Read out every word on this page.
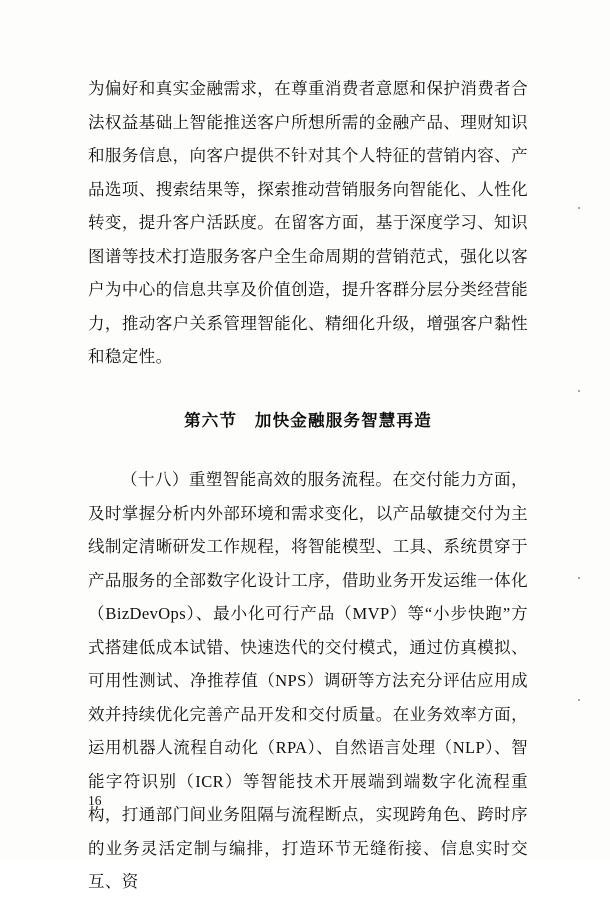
为偏好和真实金融需求，在尊重消费者意愿和保护消费者合法权益基础上智能推送客户所想所需的金融产品、理财知识和服务信息，向客户提供不针对其个人特征的营销内容、产品选项、搜索结果等，探索推动营销服务向智能化、人性化转变，提升客户活跃度。在留客方面，基于深度学习、知识图谱等技术打造服务客户全生命周期的营销范式，强化以客户为中心的信息共享及价值创造，提升客群分层分类经营能力，推动客户关系管理智能化、精细化升级，增强客户黏性和稳定性。

第六节　加快金融服务智慧再造

（十八）重塑智能高效的服务流程。在交付能力方面，及时掌握分析内外部环境和需求变化，以产品敏捷交付为主线制定清晰研发工作规程，将智能模型、工具、系统贯穿于产品服务的全部数字化设计工序，借助业务开发运维一体化（BizDevOps）、最小化可行产品（MVP）等“小步快跑”方式搭建低成本试错、快速迭代的交付模式，通过仿真模拟、可用性测试、净推荐值（NPS）调研等方法充分评估应用成效并持续优化完善产品开发和交付质量。在业务效率方面，运用机器人流程自动化（RPA）、自然语言处理（NLP）、智能字符识别（ICR）等智能技术开展端到端数字化流程重构，打通部门间业务阻隔与流程断点，实现跨角色、跨时序的业务灵活定制与编排，打造环节无缝衔接、信息实时交互、资

16
